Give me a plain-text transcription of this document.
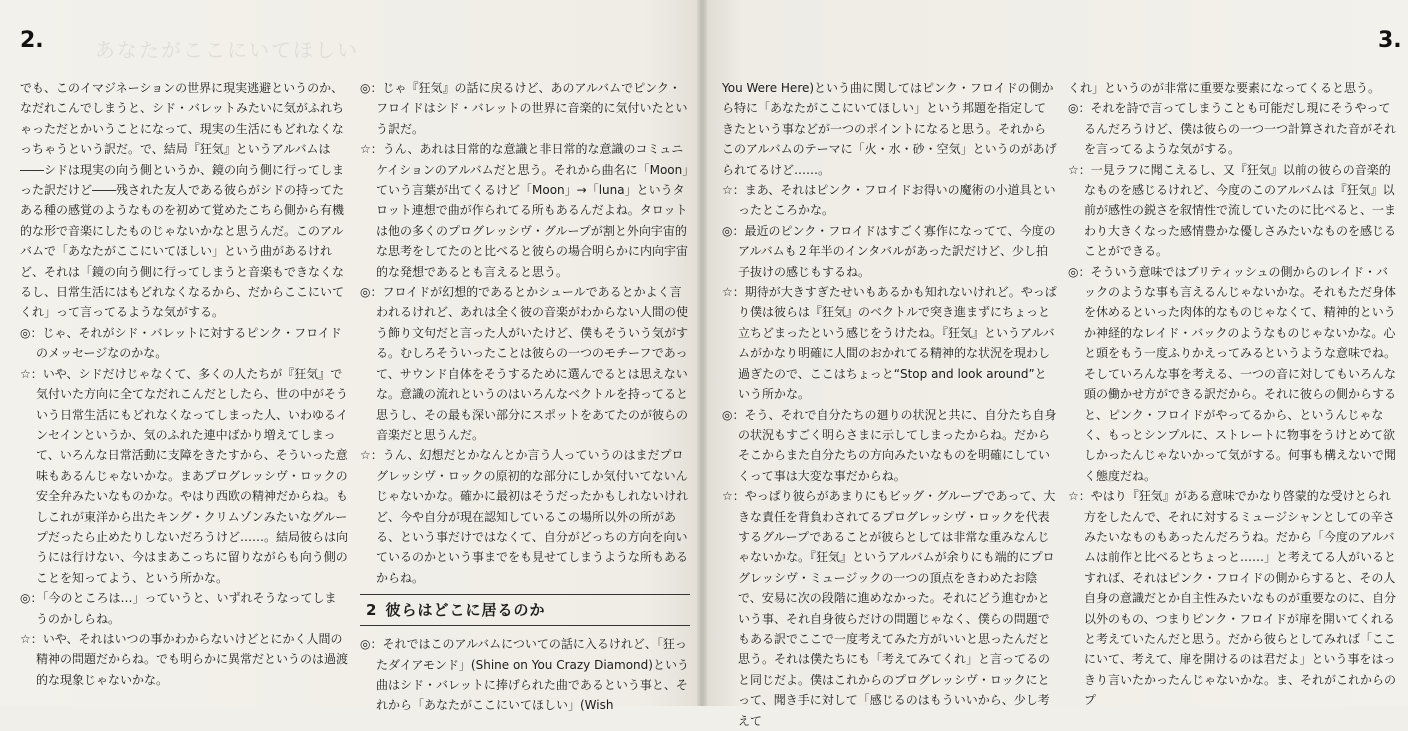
2.	3.
あなたがここにいてほしい

でも、このイマジネーションの世界に現実逃避というのか、なだれこんでしまうと、シド・バレットみたいに気がふれちゃっただとかいうことになって、現実の生活にもどれなくなっちゃうという訳だ。で、結局『狂気』というアルバムは――シドは現実の向う側というか、鏡の向う側に行ってしまった訳だけど――残された友人である彼らがシドの持ってたある種の感覚のようなものを初めて覚めたこちら側から有機的な形で音楽にしたものじゃないかなと思うんだ。このアルバムで「あなたがここにいてほしい」という曲があるけれど、それは「鏡の向う側に行ってしまうと音楽もできなくなるし、日常生活にはもどれなくなるから、だからここにいてくれ」って言ってるような気がする。

◎：じゃ、それがシド・バレットに対するピンク・フロイドのメッセージなのかな。

☆：いや、シドだけじゃなくて、多くの人たちが『狂気』で気付いた方向に全てなだれこんだとしたら、世の中がそういう日常生活にもどれなくなってしまった人、いわゆるインセインというか、気のふれた連中ばかり増えてしまって、いろんな日常活動に支障をきたすから、そういった意味もあるんじゃないかな。まあプログレッシヴ・ロックの安全弁みたいなものかな。やはり西欧の精神だからね。もしこれが東洋から出たキング・クリムゾンみたいなグループだったら止めたりしないだろうけど……。結局彼らは向うには行けない、今はまあこっちに留りながらも向う側のことを知ってよう、という所かな。

◎：「今のところは…」っていうと、いずれそうなってしまうのかしらね。

☆：いや、それはいつの事かわからないけどとにかく人間の精神の問題だからね。でも明らかに異常だというのは過渡的な現象じゃないかな。

◎：じゃ『狂気』の話に戻るけど、あのアルバムでピンク・フロイドはシド・バレットの世界に音楽的に気付いたという訳だ。

☆：うん、あれは日常的な意識と非日常的な意識のコミュニケイションのアルバムだと思う。それから曲名に「Moon」ていう言葉が出てくるけど「Moon」→「luna」というタロット連想で曲が作られてる所もあるんだよね。タロットは他の多くのプログレッシヴ・グループが割と外向宇宙的な思考をしてたのと比べると彼らの場合明らかに内向宇宙的な発想であるとも言えると思う。

◎：フロイドが幻想的であるとかシュールであるとかよく言われるけれど、あれは全く彼の音楽がわからない人間の使う飾り文句だと言った人がいたけど、僕もそういう気がする。むしろそういったことは彼らの一つのモチーフであって、サウンド自体をそうするために選んでるとは思えないな。意識の流れというのはいろんなベクトルを持ってると思うし、その最も深い部分にスポットをあてたのが彼らの音楽だと思うんだ。

☆：うん、幻想だとかなんとか言う人っていうのはまだプログレッシヴ・ロックの原初的な部分にしか気付いてないんじゃないかな。確かに最初はそうだったかもしれないけれど、今や自分が現在認知しているこの場所以外の所がある、という事だけではなくて、自分がどっちの方向を向いているのかという事までをも見せてしまうような所もあるからね。

2 彼らはどこに居るのか

◎：それではこのアルバムについての話に入るけれど、「狂ったダイアモンド」(Shine on You Crazy Diamond)という曲はシド・バレットに捧げられた曲であるという事と、それから「あなたがここにいてほしい」(Wish

You Were Here)という曲に関してはピンク・フロイドの側から特に「あなたがここにいてほしい」という邦題を指定してきたという事などが一つのポイントになると思う。それからこのアルバムのテーマに「火・水・砂・空気」というのがあげられてるけど……。

☆：まあ、それはピンク・フロイドお得いの魔術の小道具といったところかな。

◎：最近のピンク・フロイドはすごく寡作になってて、今度のアルバムも２年半のインタバルがあった訳だけど、少し拍子抜けの感じもするね。

☆：期待が大きすぎたせいもあるかも知れないけれど。やっぱり僕は彼らは『狂気』のベクトルで突き進まずにちょっと立ちどまったという感じをうけたね。『狂気』というアルバムがかなり明確に人間のおかれてる精神的な状況を現わし過ぎたので、ここはちょっと“Stop and look around”という所かな。

◎：そう、それで自分たちの廻りの状況と共に、自分たち自身の状況もすごく明らさまに示してしまったからね。だからそこからまた自分たちの方向みたいなものを明確にしていくって事は大変な事だからね。

☆：やっぱり彼らがあまりにもビッグ・グループであって、大きな責任を背負わされてるプログレッシヴ・ロックを代表するグループであることが彼らとしては非常な重みなんじゃないかな。『狂気』というアルバムが余りにも端的にプログレッシヴ・ミュージックの一つの頂点をきわめたお陰で、安易に次の段階に進めなかった。それにどう進むかという事、それ自身彼らだけの問題じゃなく、僕らの問題でもある訳でここで一度考えてみた方がいいと思ったんだと思う。それは僕たちにも「考えてみてくれ」と言ってるのと同じだよ。僕はこれからのプログレッシヴ・ロックにとって、聞き手に対して「感じるのはもういいから、少し考えて

くれ」というのが非常に重要な要素になってくると思う。

◎：それを詩で言ってしまうことも可能だし現にそうやってるんだろうけど、僕は彼らの一つ一つ計算された音がそれを言ってるような気がする。

☆：一見ラフに聞こえるし、又『狂気』以前の彼らの音楽的なものを感じるけれど、今度のこのアルバムは『狂気』以前が感性の鋭さを叙情性で流していたのに比べると、一まわり大きくなった感情豊かな優しさみたいなものを感じることができる。

◎：そういう意味ではブリティッシュの側からのレイド・バックのような事も言えるんじゃないかな。それもただ身体を休めるといった肉体的なものじゃなくて、精神的というか神経的なレイド・バックのようなものじゃないかな。心と頭をもう一度ふりかえってみるというような意味でね。そしていろんな事を考える、一つの音に対してもいろんな頭の働かせ方ができる訳だから。それに彼らの側からすると、ピンク・フロイドがやってるから、というんじゃなく、もっとシンプルに、ストレートに物事をうけとめて欲しかったんじゃないかって気がする。何事も構えないで聞く態度だね。

☆：やはり『狂気』がある意味でかなり啓蒙的な受けとられ方をしたんで、それに対するミュージシャンとしての辛さみたいなものもあったんだろうね。だから「今度のアルバムは前作と比べるとちょっと……」と考えてる人がいるとすれば、それはピンク・フロイドの側からすると、その人自身の意識だとか自主性みたいなものが重要なのに、自分以外のもの、つまりピンク・フロイドが扉を開いてくれると考えていたんだと思う。だから彼らとしてみれば「ここにいて、考えて、扉を開けるのは君だよ」という事をはっきり言いたかったんじゃないかな。ま、それがこれからのプ
